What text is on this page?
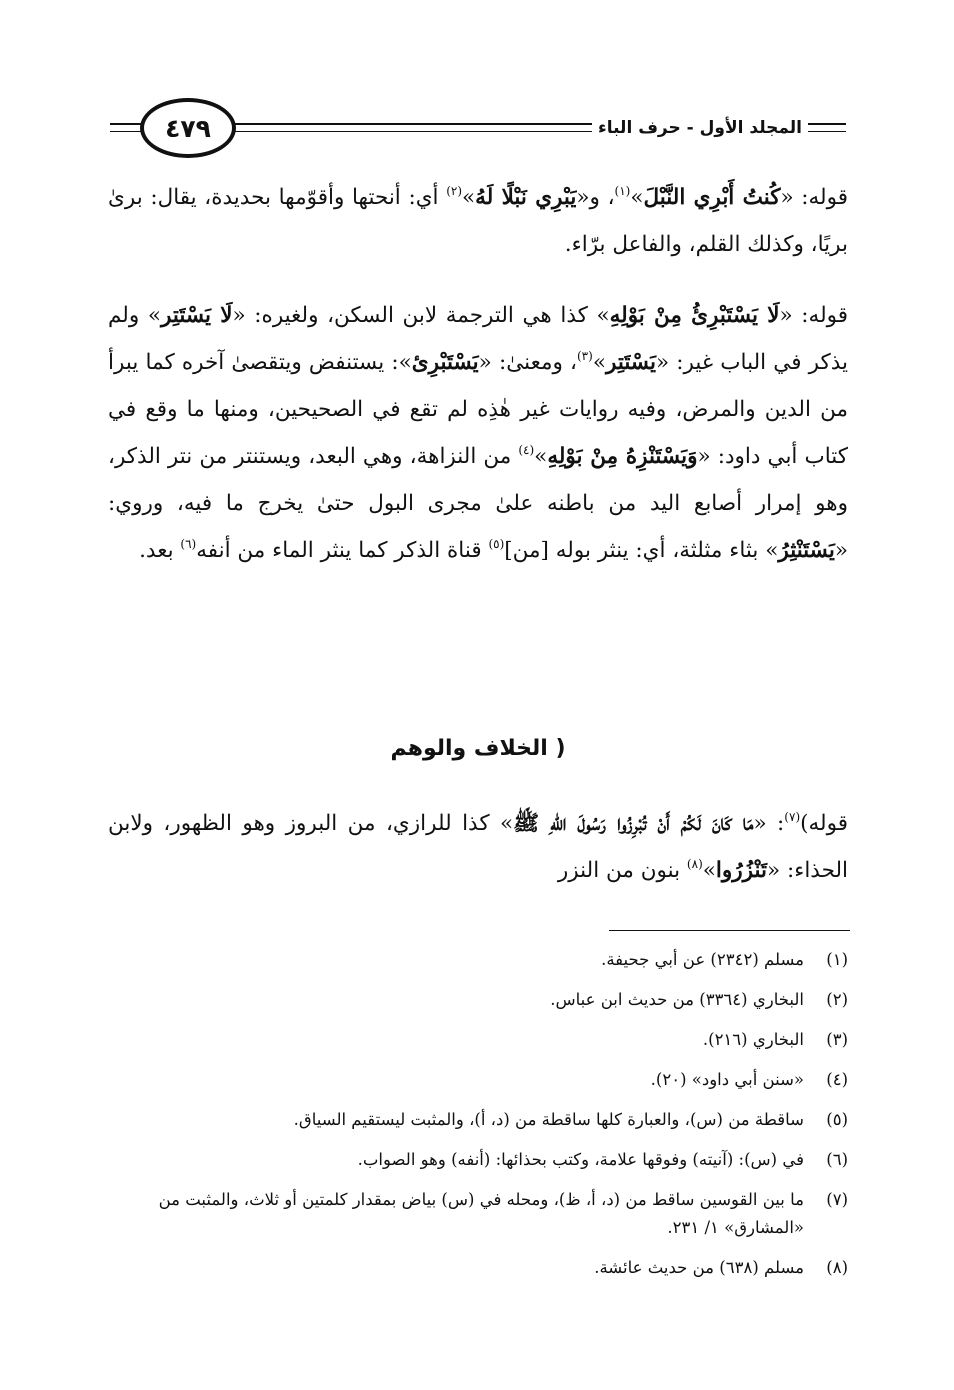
٤٧٩	المجلد الأول - حرف الباء

قوله: «كُنتُ أَبْرِي النَّبْلَ»$^{(١)}$، و«يَبْرِي نَبْلًا لَهُ»$^{(٢)}$ أي: أنحتها وأقوّمها بحديدة، يقال: برىٰ بريًا، وكذلك القلم، والفاعل برّاء.

قوله: «لَا يَسْتَبْرِئُ مِنْ بَوْلِهِ» كذا هي الترجمة لابن السكن، ولغيره: «لَا يَسْتَتِر» ولم يذكر في الباب غير: «يَسْتَتِر»$^{(٣)}$، ومعنىٰ: «يَسْتَبْرِئ»: يستنفض ويتقصىٰ آخره كما يبرأ من الدين والمرض، وفيه روايات غير هٰذِه لم تقع في الصحيحين، ومنها ما وقع في كتاب أبي داود: «وَيَسْتَنْزِهُ مِنْ بَوْلِهِ»$^{(٤)}$ من النزاهة، وهي البعد، ويستنتر من نتر الذكر، وهو إمرار أصابع اليد من باطنه علىٰ مجرى البول حتىٰ يخرج ما فيه، وروي: «يَسْتَنْثِرُ» بثاء مثلثة، أي: ينثر بوله [من]$^{(٥)}$ قناة الذكر كما ينثر الماء من أنفه$^{(٦)}$ بعد.

( الخلاف والوهم

قوله)$^{(٧)}$: «مَا كَانَ لَكُمْ أَنْ تُبْرِزُوا رَسُولَ اللهِ ﷺ» كذا للرازي، من البروز وهو الظهور، ولابن الحذاء: «تَنْزُرُوا»$^{(٨)}$ بنون من النزر

(١)
مسلم (٢٣٤٢) عن أبي جحيفة.
(٢)
البخاري (٣٣٦٤) من حديث ابن عباس.
(٣)
البخاري (٢١٦).
(٤)
«سنن أبي داود» (٢٠).
(٥)
ساقطة من (س)، والعبارة كلها ساقطة من (د، أ)، والمثبت ليستقيم السياق.
(٦)
في (س): (آنيته) وفوقها علامة، وكتب بحذائها: (أنفه) وهو الصواب.
(٧)
ما بين القوسين ساقط من (د، أ، ظ)، ومحله في (س) بياض بمقدار كلمتين أو ثلاث، والمثبت من «المشارق» ١/ ٢٣١.
(٨)
مسلم (٦٣٨) من حديث عائشة.
